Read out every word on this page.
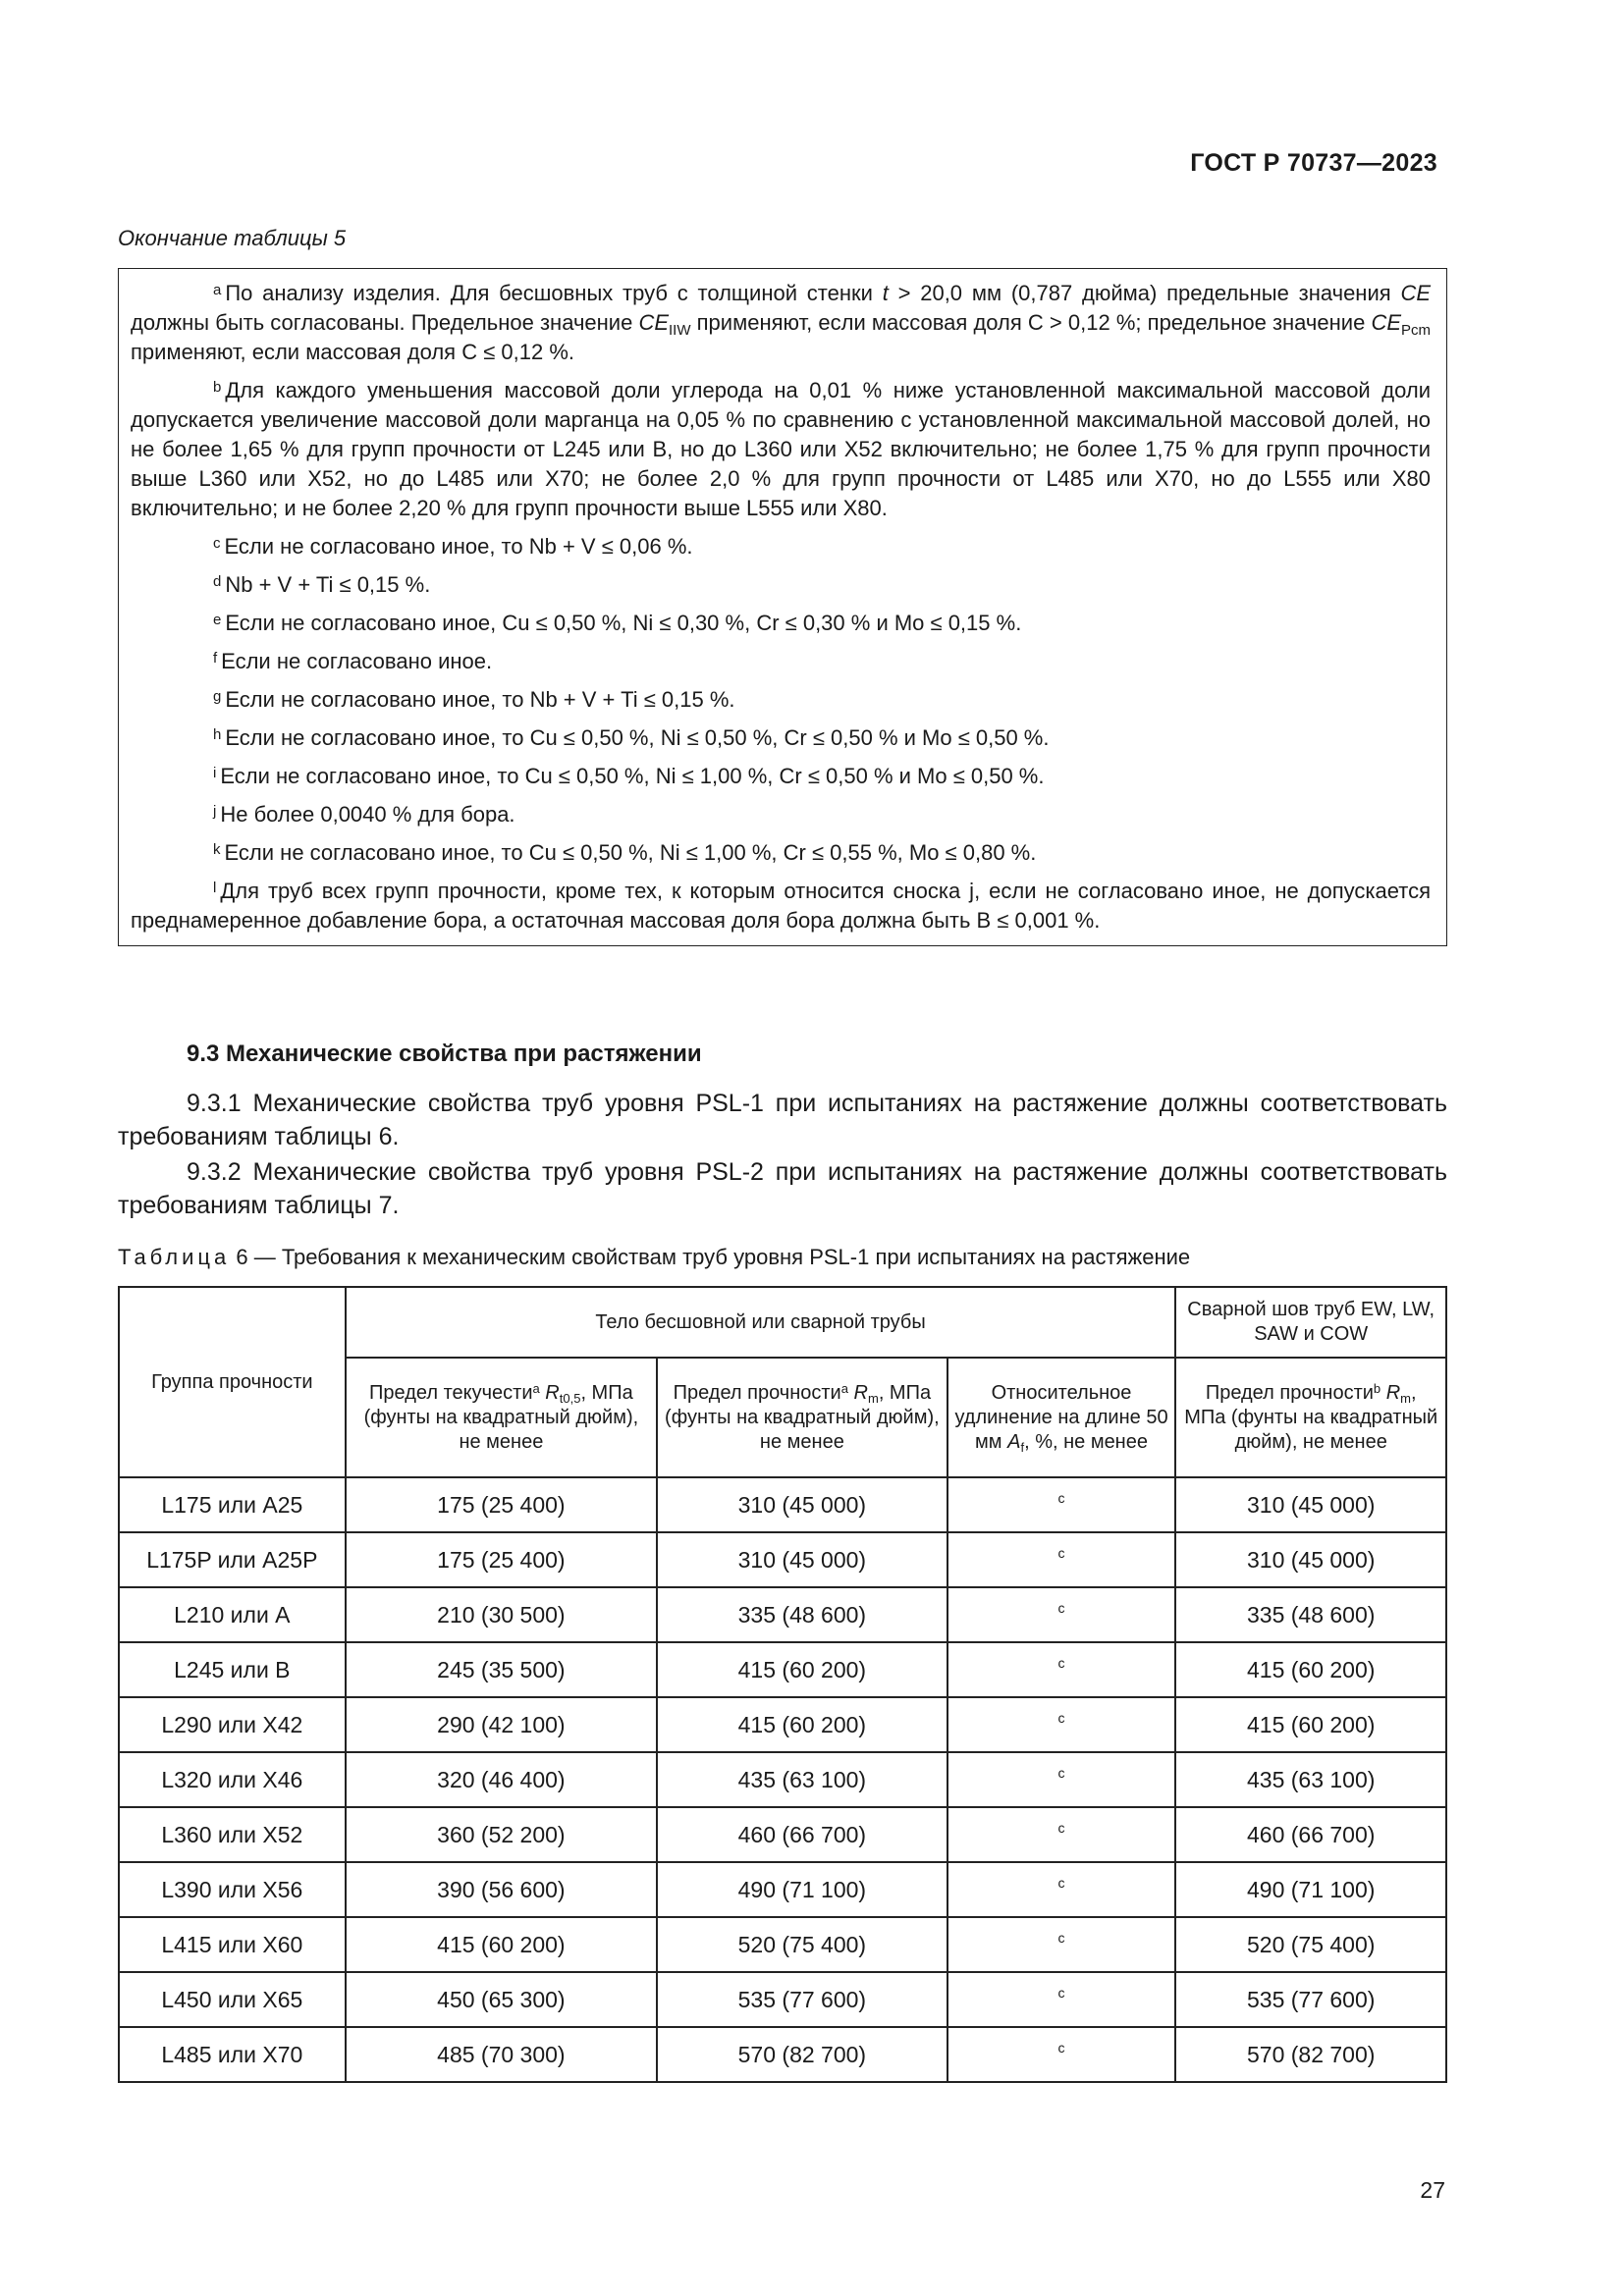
ГОСТ Р 70737—2023
Окончание таблицы 5

$^a$ По анализу изделия. Для бесшовных труб с толщиной стенки t > 20,0 мм (0,787 дюйма) предельные значения CE должны быть согласованы. Предельное значение $CE_{IIW}$ применяют, если массовая доля С > 0,12 %; предельное значение $CE_{Pcm}$ применяют, если массовая доля С ≤ 0,12 %.

$^b$ Для каждого уменьшения массовой доли углерода на 0,01 % ниже установленной максимальной массовой доли допускается увеличение массовой доли марганца на 0,05 % по сравнению с установленной максимальной массовой долей, но не более 1,65 % для групп прочности от L245 или B, но до L360 или X52 включительно; не более 1,75 % для групп прочности выше L360 или X52, но до L485 или X70; не более 2,0 % для групп прочности от L485 или X70, но до L555 или X80 включительно; и не более 2,20 % для групп прочности выше L555 или X80.

$^c$ Если не согласовано иное, то Nb + V ≤ 0,06 %.

$^d$ Nb + V + Ti ≤ 0,15 %.

$^e$ Если не согласовано иное, Cu ≤ 0,50 %, Ni ≤ 0,30 %, Cr ≤ 0,30 % и Mo ≤ 0,15 %.

$^f$ Если не согласовано иное.

$^g$ Если не согласовано иное, то Nb + V + Ti ≤ 0,15 %.

$^h$ Если не согласовано иное, то Cu ≤ 0,50 %, Ni ≤ 0,50 %, Cr ≤ 0,50 % и Mo ≤ 0,50 %.

$^i$ Если не согласовано иное, то Cu ≤ 0,50 %, Ni ≤ 1,00 %, Cr ≤ 0,50 % и Mo ≤ 0,50 %.

$^j$ Не более 0,0040 % для бора.

$^k$ Если не согласовано иное, то Cu ≤ 0,50 %, Ni ≤ 1,00 %, Cr ≤ 0,55 %, Mo ≤ 0,80 %.

$^l$ Для труб всех групп прочности, кроме тех, к которым относится сноска j, если не согласовано иное, не допускается преднамеренное добавление бора, а остаточная массовая доля бора должна быть B ≤ 0,001 %.

9.3 Механические свойства при растяжении
9.3.1 Механические свойства труб уровня PSL-1 при испытаниях на растяжение должны соответствовать требованиям таблицы 6.
9.3.2 Механические свойства труб уровня PSL-2 при испытаниях на растяжение должны соответствовать требованиям таблицы 7.
Таблица 6 — Требования к механическим свойствам труб уровня PSL-1 при испытаниях на растяжение
Группа прочности	Тело бесшовной или сварной трубы			Сварной шов труб EW, LW, SAW и COW
	Предел текучести$^a$ $R_{t0,5}$, МПа (фунты на квадратный дюйм), не менее	Предел прочности$^a$ $R_m$, МПа (фунты на квадратный дюйм), не менее	Относительное удлинение на длине 50 мм $A_f$, %, не менее	Предел прочности$^b$ $R_m$, МПа (фунты на квадратный дюйм), не менее
L175 или A25	175 (25 400)	310 (45 000)	c	310 (45 000)
L175P или A25P	175 (25 400)	310 (45 000)	c	310 (45 000)
L210 или A	210 (30 500)	335 (48 600)	c	335 (48 600)
L245 или B	245 (35 500)	415 (60 200)	c	415 (60 200)
L290 или X42	290 (42 100)	415 (60 200)	c	415 (60 200)
L320 или X46	320 (46 400)	435 (63 100)	c	435 (63 100)
L360 или X52	360 (52 200)	460 (66 700)	c	460 (66 700)
L390 или X56	390 (56 600)	490 (71 100)	c	490 (71 100)
L415 или X60	415 (60 200)	520 (75 400)	c	520 (75 400)
L450 или X65	450 (65 300)	535 (77 600)	c	535 (77 600)
L485 или X70	485 (70 300)	570 (82 700)	c	570 (82 700)
27
